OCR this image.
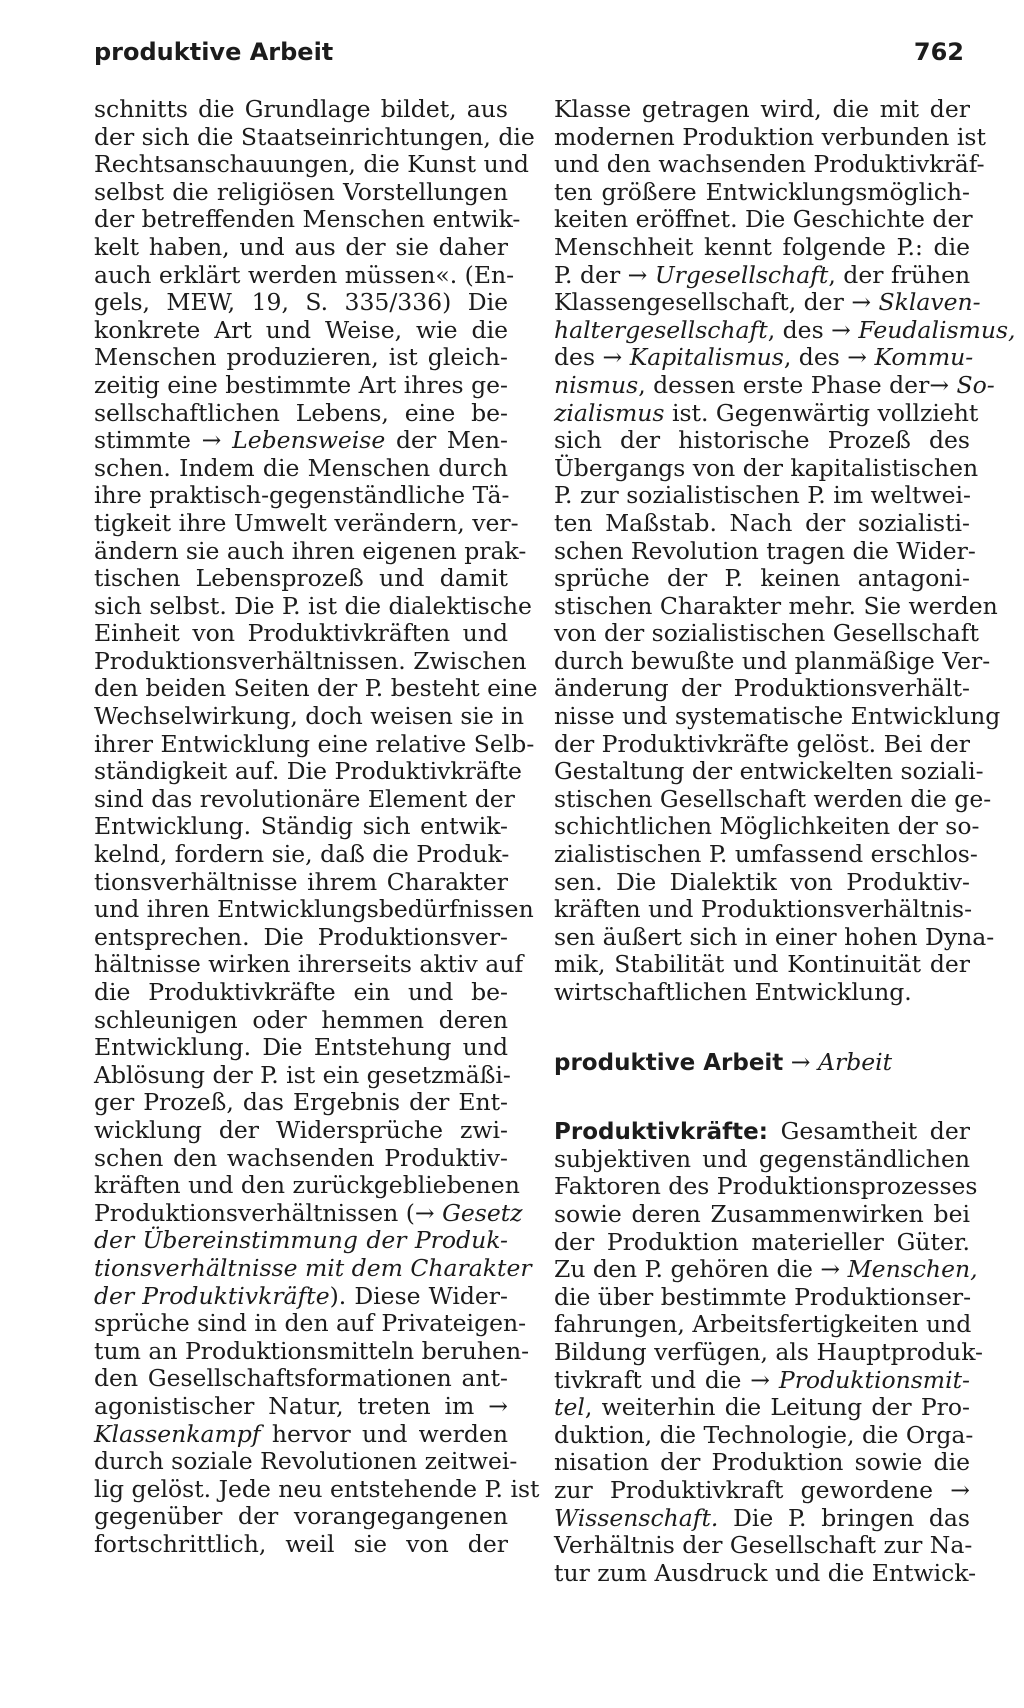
produktive Arbeit	762
schnitts die Grundlage bildet, aus
der sich die Staatseinrichtungen, die
Rechtsanschauungen, die Kunst und
selbst die religiösen Vorstellungen
der betreffenden Menschen entwik-
kelt haben, und aus der sie daher
auch erklärt werden müssen«. (En-
gels, MEW, 19, S. 335/336) Die
konkrete Art und Weise, wie die
Menschen produzieren, ist gleich-
zeitig eine bestimmte Art ihres ge-
sellschaftlichen Lebens, eine be-
stimmte → Lebensweise der Men-
schen. Indem die Menschen durch
ihre praktisch-gegenständliche Tä-
tigkeit ihre Umwelt verändern, ver-
ändern sie auch ihren eigenen prak-
tischen Lebensprozeß und damit
sich selbst. Die P. ist die dialektische
Einheit von Produktivkräften und
Produktionsverhältnissen. Zwischen
den beiden Seiten der P. besteht eine
Wechselwirkung, doch weisen sie in
ihrer Entwicklung eine relative Selb-
ständigkeit auf. Die Produktivkräfte
sind das revolutionäre Element der
Entwicklung. Ständig sich entwik-
kelnd, fordern sie, daß die Produk-
tionsverhältnisse ihrem Charakter
und ihren Entwicklungsbedürfnissen
entsprechen. Die Produktionsver-
hältnisse wirken ihrerseits aktiv auf
die Produktivkräfte ein und be-
schleunigen oder hemmen deren
Entwicklung. Die Entstehung und
Ablösung der P. ist ein gesetzmäßi-
ger Prozeß, das Ergebnis der Ent-
wicklung der Widersprüche zwi-
schen den wachsenden Produktiv-
kräften und den zurückgebliebenen
Produktionsverhältnissen (→ Gesetz
der Übereinstimmung der Produk-
tionsverhältnisse mit dem Charakter
der Produktivkräfte). Diese Wider-
sprüche sind in den auf Privateigen-
tum an Produktionsmitteln beruhen-
den Gesellschaftsformationen ant-
agonistischer Natur, treten im →
Klassenkampf hervor und werden
durch soziale Revolutionen zeitwei-
lig gelöst. Jede neu entstehende P. ist
gegenüber der vorangegangenen
fortschrittlich, weil sie von der
Klasse getragen wird, die mit der
modernen Produktion verbunden ist
und den wachsenden Produktivkräf-
ten größere Entwicklungsmöglich-
keiten eröffnet. Die Geschichte der
Menschheit kennt folgende P.: die
P. der → Urgesellschaft, der frühen
Klassengesellschaft, der → Sklaven-
haltergesellschaft, des → Feudalismus,
des → Kapitalismus, des → Kommu-
nismus, dessen erste Phase der→ So-
zialismus ist. Gegenwärtig vollzieht
sich der historische Prozeß des
Übergangs von der kapitalistischen
P. zur sozialistischen P. im weltwei-
ten Maßstab. Nach der sozialisti-
schen Revolution tragen die Wider-
sprüche der P. keinen antagoni-
stischen Charakter mehr. Sie werden
von der sozialistischen Gesellschaft
durch bewußte und planmäßige Ver-
änderung der Produktionsverhält-
nisse und systematische Entwicklung
der Produktivkräfte gelöst. Bei der
Gestaltung der entwickelten soziali-
stischen Gesellschaft werden die ge-
schichtlichen Möglichkeiten der so-
zialistischen P. umfassend erschlos-
sen. Die Dialektik von Produktiv-
kräften und Produktionsverhältnis-
sen äußert sich in einer hohen Dyna-
mik, Stabilität und Kontinuität der
wirtschaftlichen Entwicklung.
produktive Arbeit → Arbeit
Produktivkräfte: Gesamtheit der
subjektiven und gegenständlichen
Faktoren des Produktionsprozesses
sowie deren Zusammenwirken bei
der Produktion materieller Güter.
Zu den P. gehören die → Menschen,
die über bestimmte Produktionser-
fahrungen, Arbeitsfertigkeiten und
Bildung verfügen, als Hauptproduk-
tivkraft und die → Produktionsmit-
tel, weiterhin die Leitung der Pro-
duktion, die Technologie, die Orga-
nisation der Produktion sowie die
zur Produktivkraft gewordene →
Wissenschaft. Die P. bringen das
Verhältnis der Gesellschaft zur Na-
tur zum Ausdruck und die Entwick-
